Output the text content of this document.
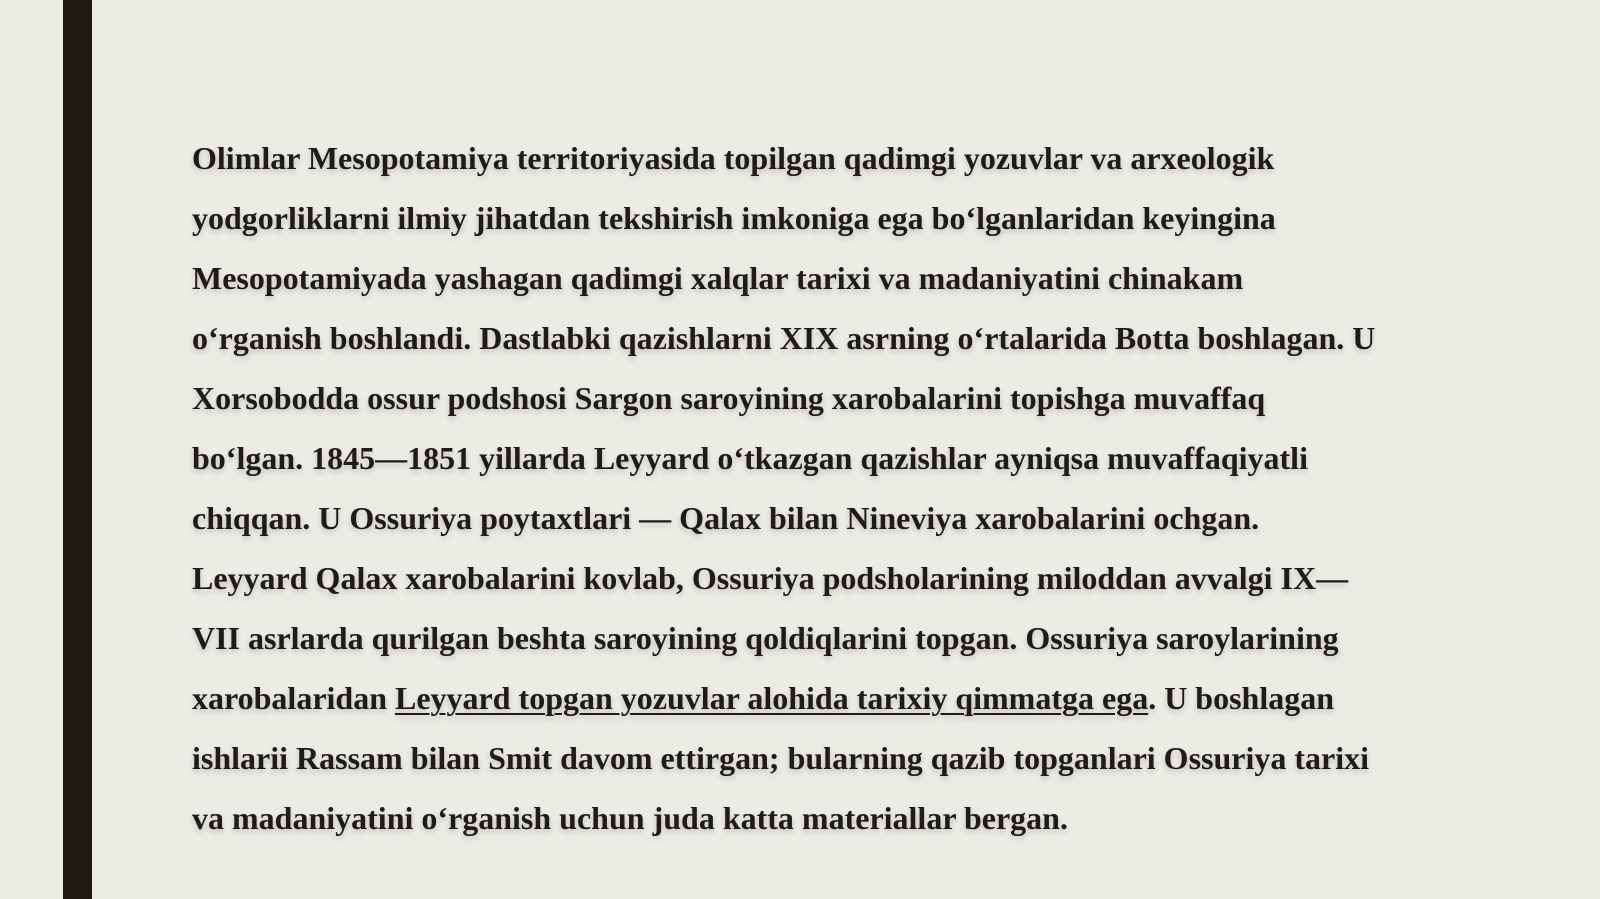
Olimlar Mesopotamiya territoriyasida topilgan qadimgi yozuvlar va arxeologik
yodgorliklarni ilmiy jihatdan tekshirish imkoniga ega bo‘lganlaridan keyingina
Mesopotamiyada yashagan qadimgi xalqlar tarixi va madaniyatini chinakam
o‘rganish boshlandi. Dastlabki qazishlarni XIX asrning o‘rtalarida Botta boshlagan. U
Xorsobodda ossur podshosi Sargon saroyining xarobalarini topishga muvaffaq
bo‘lgan. 1845—1851 yillarda Leyyard o‘tkazgan qazishlar ayniqsa muvaffaqiyatli
chiqqan. U Ossuriya poytaxtlari — Qalax bilan Nineviya xarobalarini ochgan.
Leyyard Qalax xarobalarini kovlab, Ossuriya podsholarining miloddan avvalgi IX—
VII asrlarda qurilgan beshta saroyining qoldiqlarini topgan. Ossuriya saroylarining
xarobalaridan Leyyard topgan yozuvlar alohida tarixiy qimmatga ega. U boshlagan
ishlarii Rassam bilan Smit davom ettirgan; bularning qazib topganlari Ossuriya tarixi
va madaniyatini o‘rganish uchun juda katta materiallar bergan.
